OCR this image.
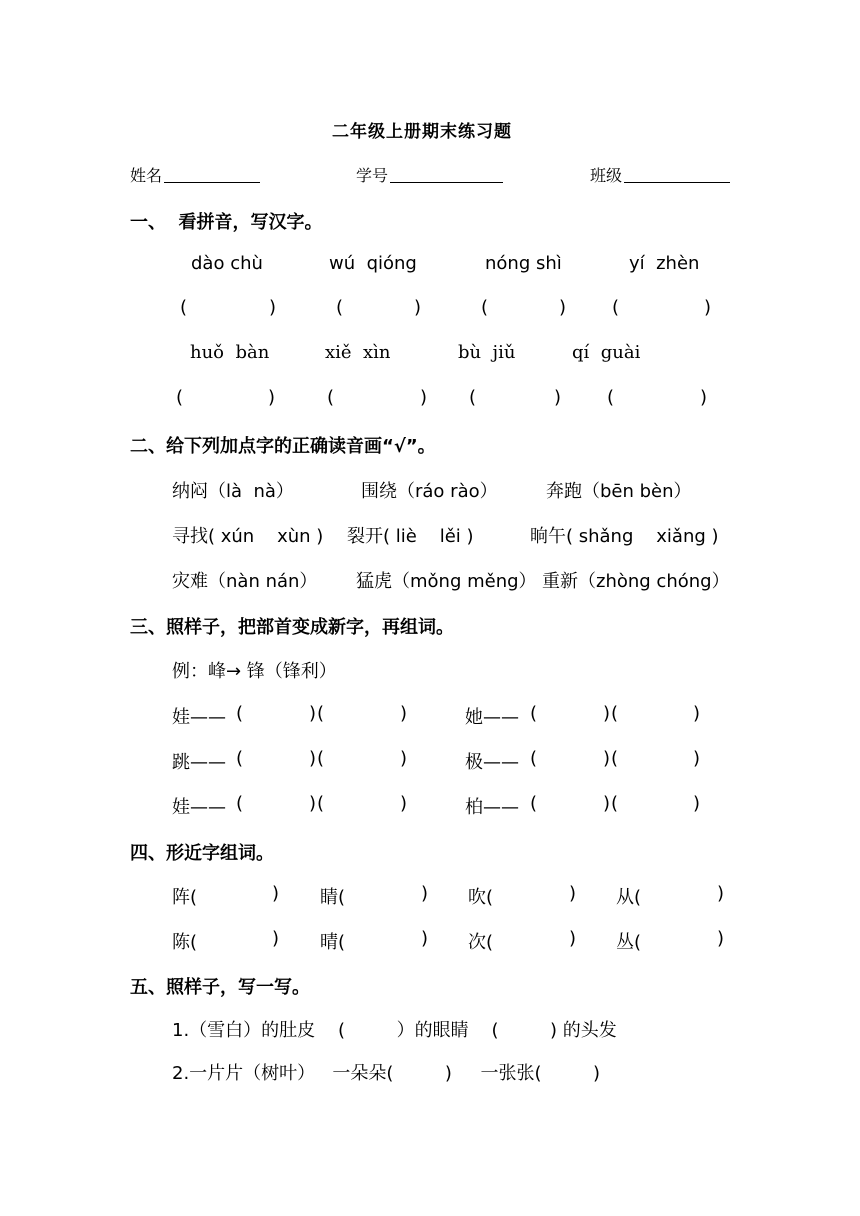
二年级上册期末练习题
姓名	学号	班级
一、  看拼音，写汉字。
dào chù	wú  qióng	nóng shì	yí  zhèn
(	)	(	)	(	)	(	)
huǒ  bàn	xiě  xìn	bù  jiǔ	qí  guài
(	)	(	) (	)	(	)
二、给下列加点字的正确读音画“√”。
纳闷（là  nà）	围绕（ráo rào）	奔跑（bēn bèn）
寻找( xún    xùn ) 裂开( liè    lěi )	晌午( shǎng    xiǎng )
灾难（nàn nán） 猛虎（mǒng měng） 重新（zhòng chóng）
三、照样子，把部首变成新字，再组词。
例：峰→ 锋（锋利）
娃—— (	) (	)	她—— (	) (	)
跳—— (	) (	)	极—— (	) (	)
娃—— (	) (	)	柏—— (	) (	)
四、形近字组词。
阵(	) 睛(	) 吹(	) 从(	)
陈(	) 晴(	) 次(	) 丛(	)
五、照样子，写一写。
1.（雪白）的肚皮    (         ）的眼睛    (         ) 的头发
2.一片片（树叶）   一朵朵(         )     一张张(         )
